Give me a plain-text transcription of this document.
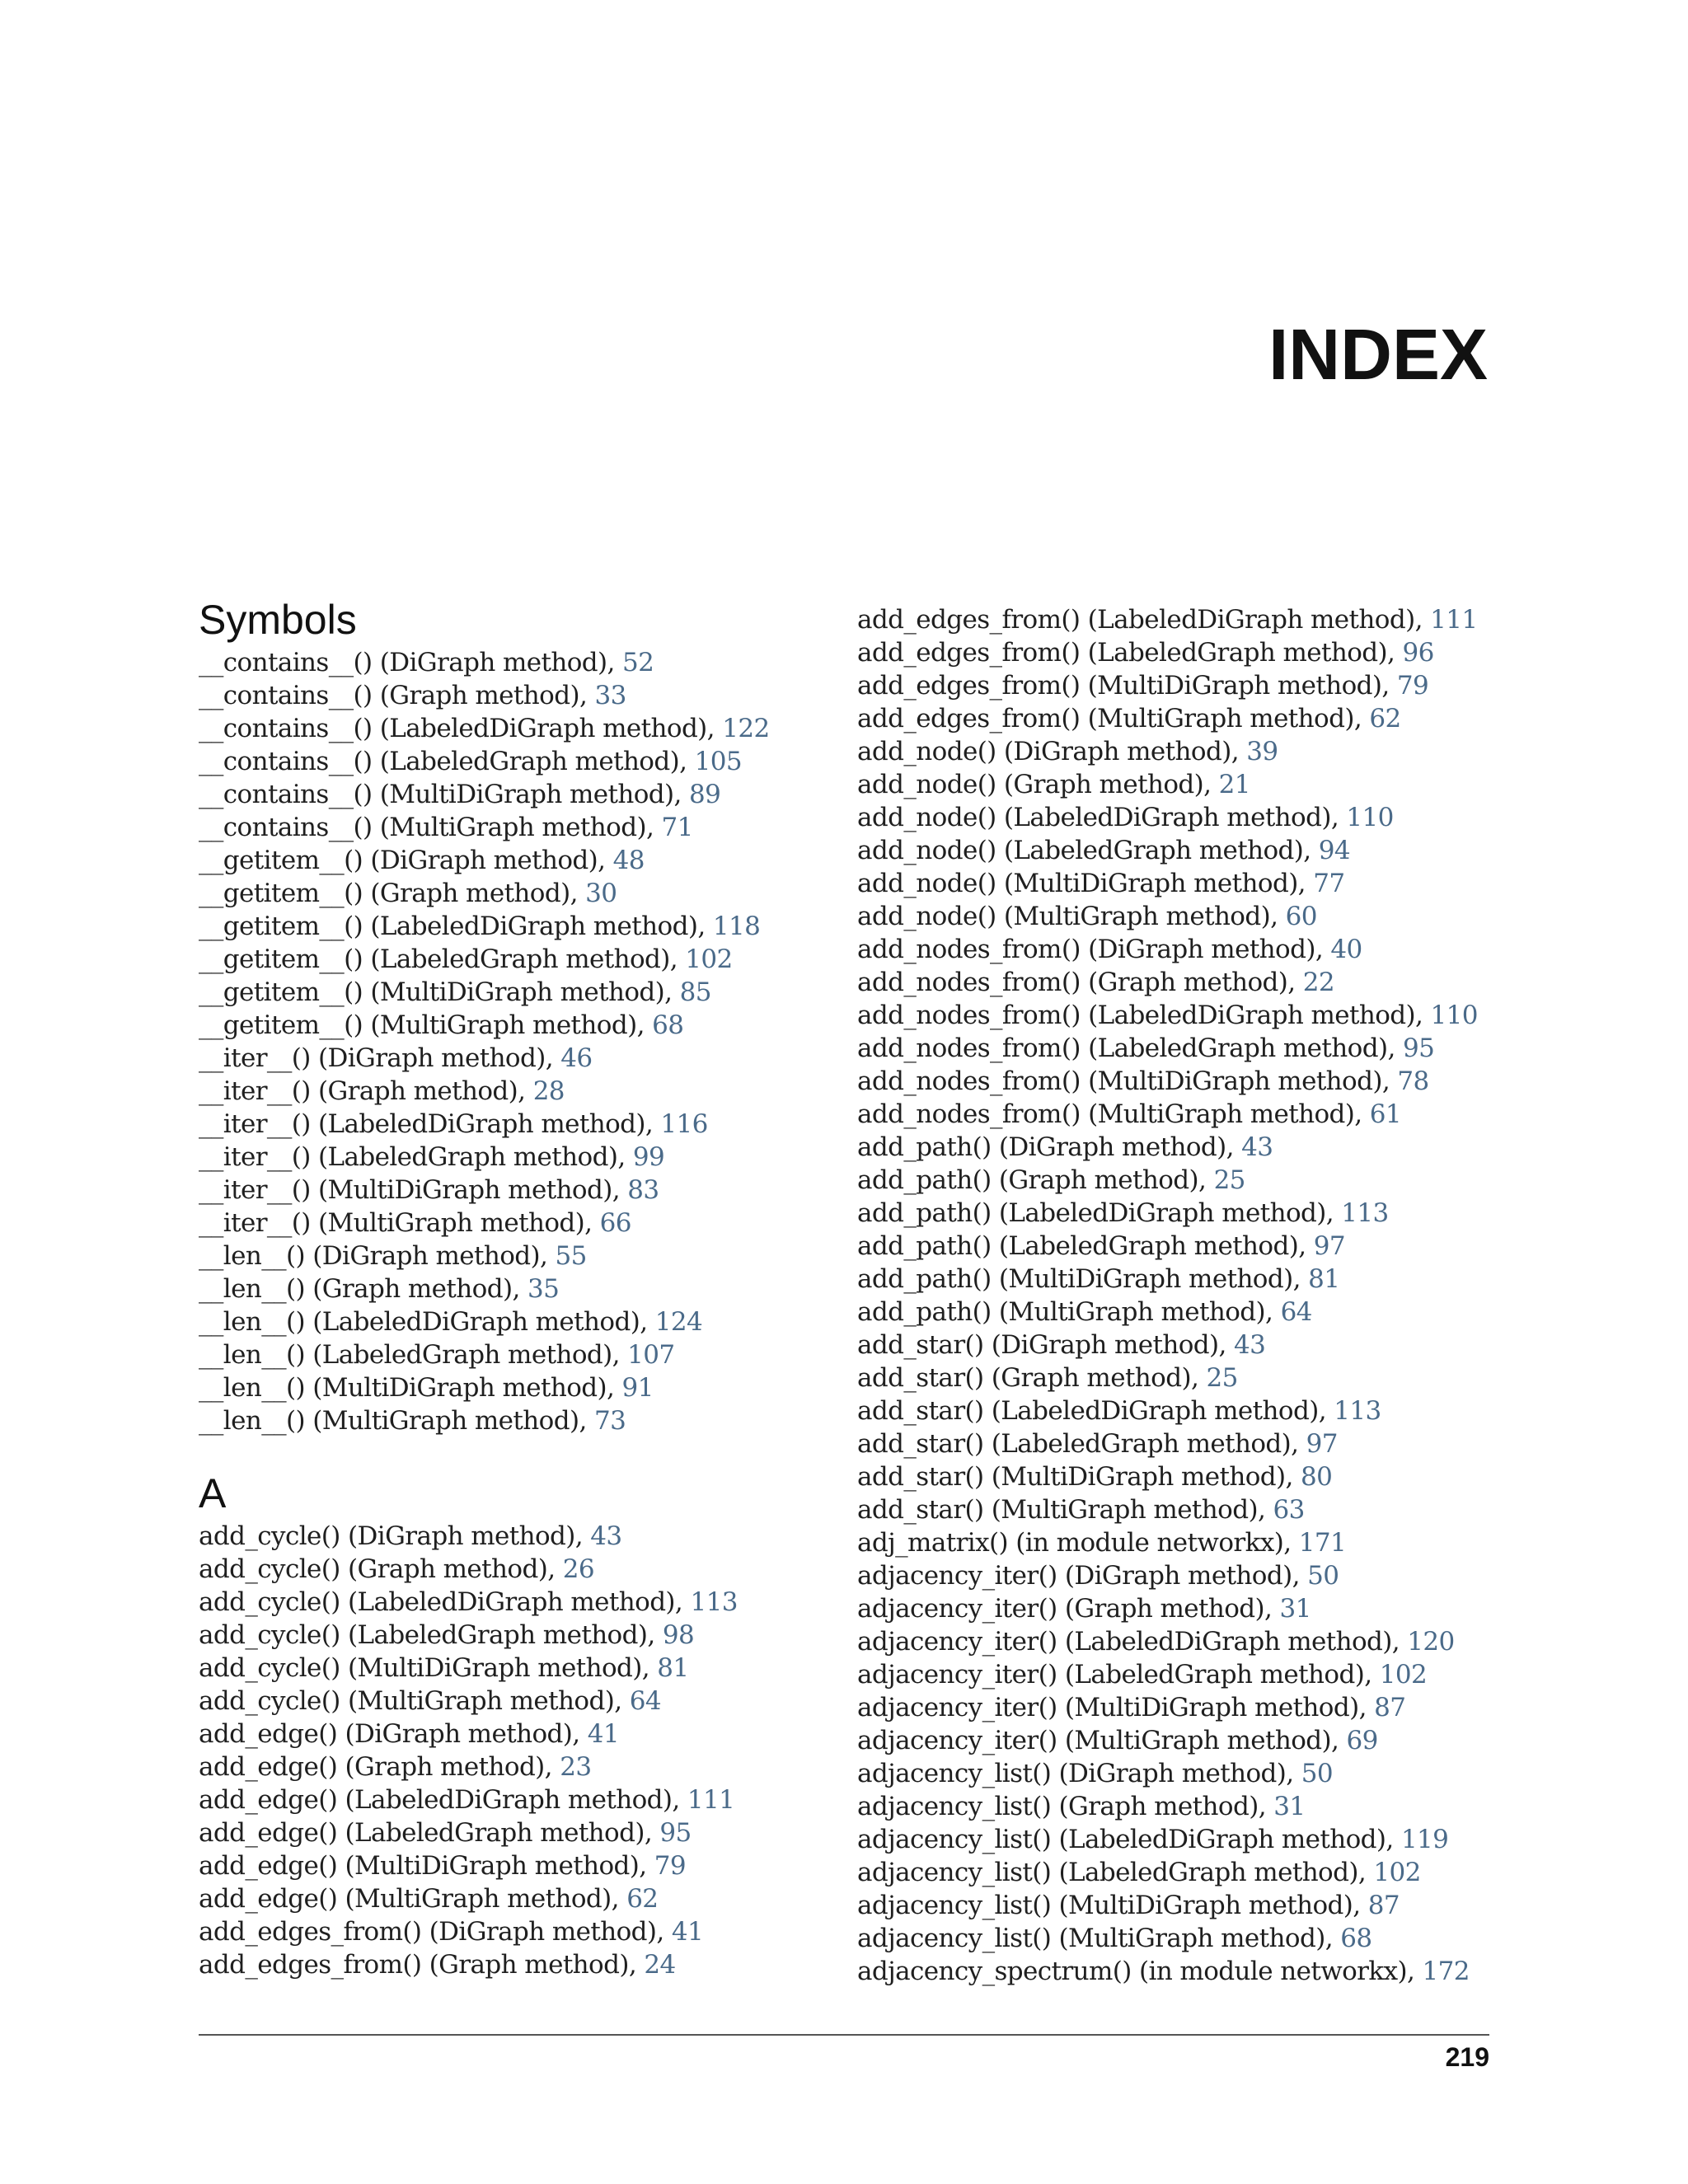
INDEX
Symbols
__contains__() (DiGraph method), 52
__contains__() (Graph method), 33
__contains__() (LabeledDiGraph method), 122
__contains__() (LabeledGraph method), 105
__contains__() (MultiDiGraph method), 89
__contains__() (MultiGraph method), 71
__getitem__() (DiGraph method), 48
__getitem__() (Graph method), 30
__getitem__() (LabeledDiGraph method), 118
__getitem__() (LabeledGraph method), 102
__getitem__() (MultiDiGraph method), 85
__getitem__() (MultiGraph method), 68
__iter__() (DiGraph method), 46
__iter__() (Graph method), 28
__iter__() (LabeledDiGraph method), 116
__iter__() (LabeledGraph method), 99
__iter__() (MultiDiGraph method), 83
__iter__() (MultiGraph method), 66
__len__() (DiGraph method), 55
__len__() (Graph method), 35
__len__() (LabeledDiGraph method), 124
__len__() (LabeledGraph method), 107
__len__() (MultiDiGraph method), 91
__len__() (MultiGraph method), 73
A
add_cycle() (DiGraph method), 43
add_cycle() (Graph method), 26
add_cycle() (LabeledDiGraph method), 113
add_cycle() (LabeledGraph method), 98
add_cycle() (MultiDiGraph method), 81
add_cycle() (MultiGraph method), 64
add_edge() (DiGraph method), 41
add_edge() (Graph method), 23
add_edge() (LabeledDiGraph method), 111
add_edge() (LabeledGraph method), 95
add_edge() (MultiDiGraph method), 79
add_edge() (MultiGraph method), 62
add_edges_from() (DiGraph method), 41
add_edges_from() (Graph method), 24
add_edges_from() (LabeledDiGraph method), 111
add_edges_from() (LabeledGraph method), 96
add_edges_from() (MultiDiGraph method), 79
add_edges_from() (MultiGraph method), 62
add_node() (DiGraph method), 39
add_node() (Graph method), 21
add_node() (LabeledDiGraph method), 110
add_node() (LabeledGraph method), 94
add_node() (MultiDiGraph method), 77
add_node() (MultiGraph method), 60
add_nodes_from() (DiGraph method), 40
add_nodes_from() (Graph method), 22
add_nodes_from() (LabeledDiGraph method), 110
add_nodes_from() (LabeledGraph method), 95
add_nodes_from() (MultiDiGraph method), 78
add_nodes_from() (MultiGraph method), 61
add_path() (DiGraph method), 43
add_path() (Graph method), 25
add_path() (LabeledDiGraph method), 113
add_path() (LabeledGraph method), 97
add_path() (MultiDiGraph method), 81
add_path() (MultiGraph method), 64
add_star() (DiGraph method), 43
add_star() (Graph method), 25
add_star() (LabeledDiGraph method), 113
add_star() (LabeledGraph method), 97
add_star() (MultiDiGraph method), 80
add_star() (MultiGraph method), 63
adj_matrix() (in module networkx), 171
adjacency_iter() (DiGraph method), 50
adjacency_iter() (Graph method), 31
adjacency_iter() (LabeledDiGraph method), 120
adjacency_iter() (LabeledGraph method), 102
adjacency_iter() (MultiDiGraph method), 87
adjacency_iter() (MultiGraph method), 69
adjacency_list() (DiGraph method), 50
adjacency_list() (Graph method), 31
adjacency_list() (LabeledDiGraph method), 119
adjacency_list() (LabeledGraph method), 102
adjacency_list() (MultiDiGraph method), 87
adjacency_list() (MultiGraph method), 68
adjacency_spectrum() (in module networkx), 172
219
